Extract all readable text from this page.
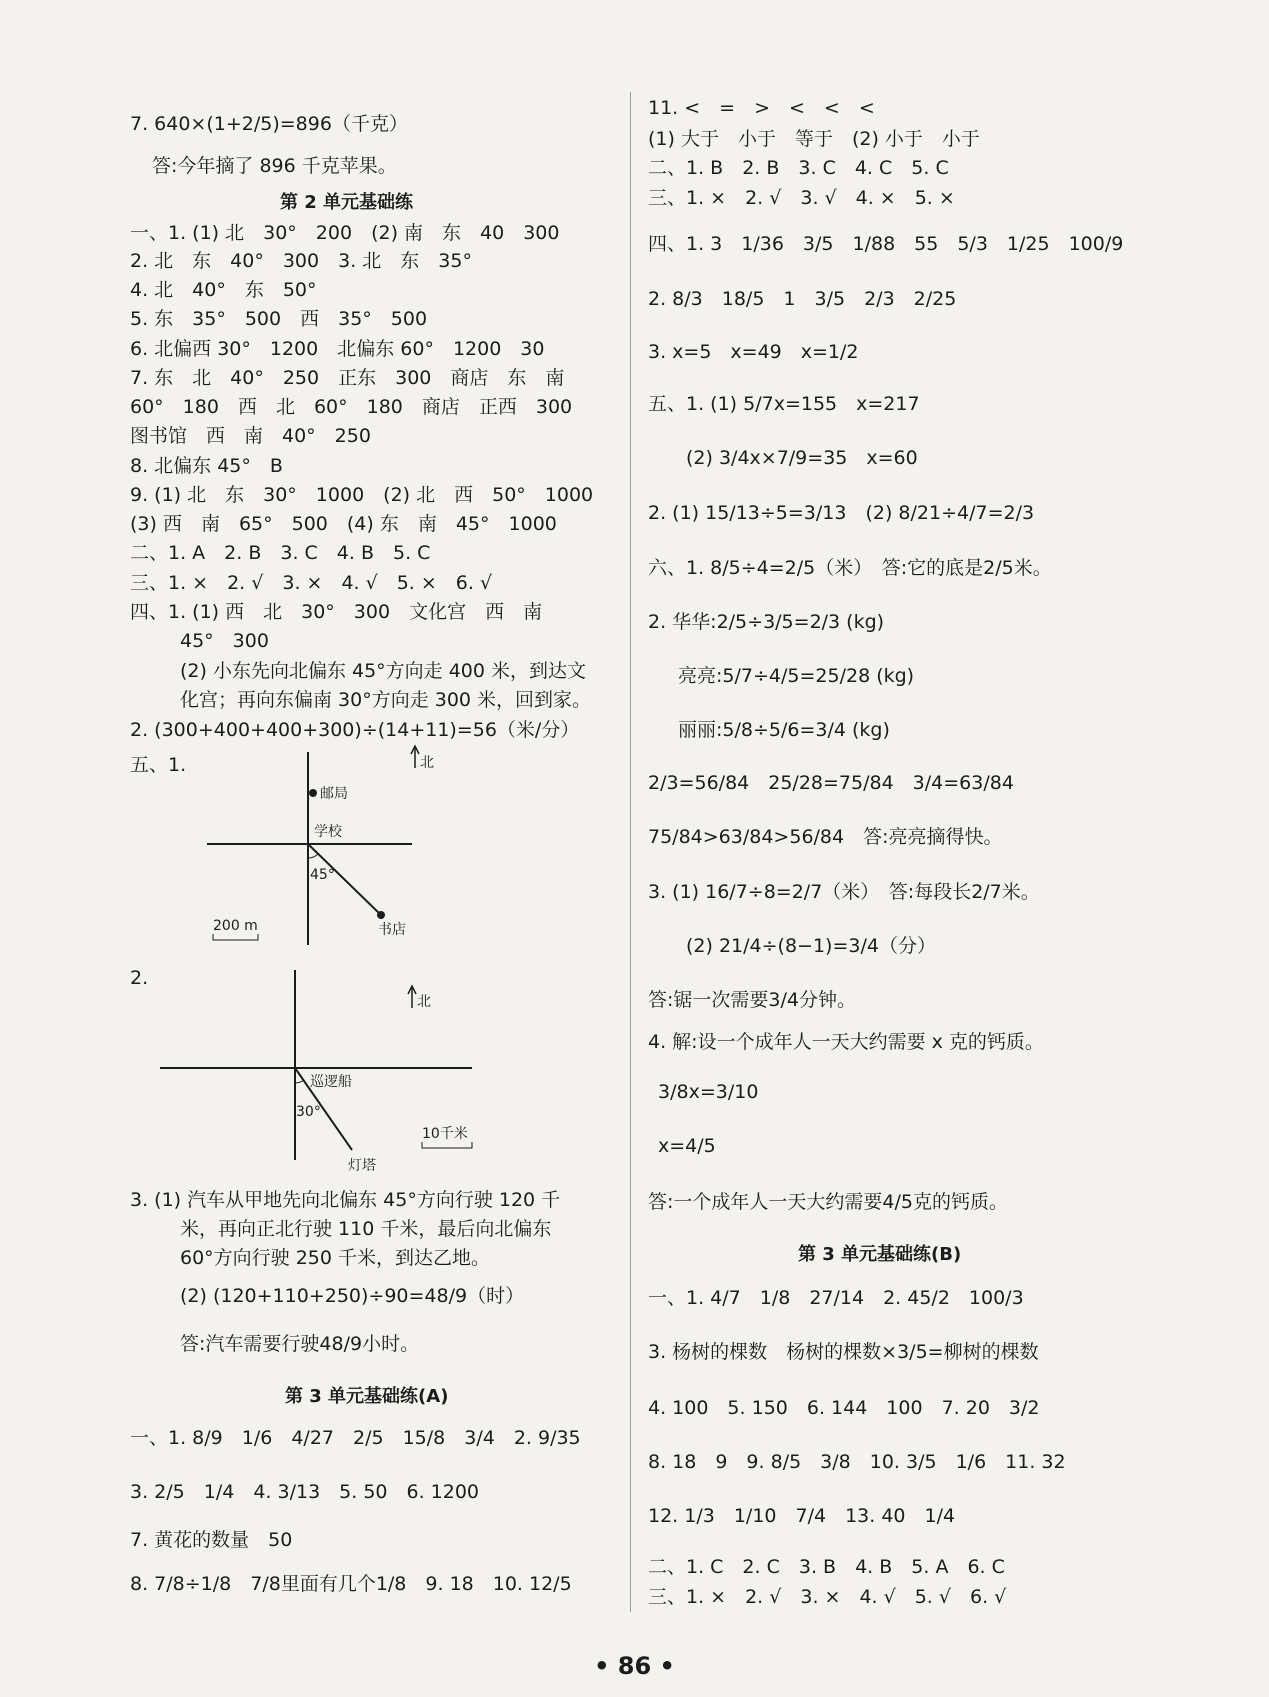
7. 640×(1+2/5)=896（千克）
答:今年摘了 896 千克苹果。
第 2 单元基础练
一、1. (1) 北　30°　200　(2) 南　东　40　300
2. 北　东　40°　300　3. 北　东　35°
4. 北　40°　东　50°
5. 东　35°　500　西　35°　500
6. 北偏西 30°　1200　北偏东 60°　1200　30
7. 东　北　40°　250　正东　300　商店　东　南
60°　180　西　北　60°　180　商店　正西　300
图书馆　西　南　40°　250
8. 北偏东 45°　B
9. (1) 北　东　30°　1000　(2) 北　西　50°　1000
(3) 西　南　65°　500　(4) 东　南　45°　1000
二、1. A　2. B　3. C　4. B　5. C
三、1. ×　2. √　3. ×　4. √　5. ×　6. √
四、1. (1) 西　北　30°　300　文化宫　西　南
45°　300
(2) 小东先向北偏东 45°方向走 400 米，到达文
化宫；再向东偏南 30°方向走 300 米，回到家。
2. (300+400+400+300)÷(14+11)=56（米/分）
五、1.	北
邮局
学校
45°
书店
200 m
2.
北
巡逻船
30°
灯塔
10千米
3. (1) 汽车从甲地先向北偏东 45°方向行驶 120 千
米，再向正北行驶 110 千米，最后向北偏东
60°方向行驶 250 千米，到达乙地。
(2) (120+110+250)÷90=48/9（时）
答:汽车需要行驶48/9小时。
第 3 单元基础练(A)
一、1. 8/9　1/6　4/27　2/5　15/8　3/4　2. 9/35
3. 2/5　1/4　4. 3/13　5. 50　6. 1200
7. 黄花的数量　50
8. 7/8÷1/8　7/8里面有几个1/8　9. 18　10. 12/5
11. <　=　>　<　<　<
(1) 大于　小于　等于　(2) 小于　小于
二、1. B　2. B　3. C　4. C　5. C
三、1. ×　2. √　3. √　4. ×　5. ×
四、1. 3　1/36　3/5　1/88　55　5/3　1/25　100/9
2. 8/3　18/5　1　3/5　2/3　2/25
3. x=5　x=49　x=1/2
五、1. (1) 5/7x=155　x=217
(2) 3/4x×7/9=35　x=60
2. (1) 15/13÷5=3/13　(2) 8/21÷4/7=2/3
六、1. 8/5÷4=2/5（米）　答:它的底是2/5米。
2. 华华:2/5÷3/5=2/3 (kg)
亮亮:5/7÷4/5=25/28 (kg)
丽丽:5/8÷5/6=3/4 (kg)
2/3=56/84　25/28=75/84　3/4=63/84
75/84>63/84>56/84　答:亮亮摘得快。
3. (1) 16/7÷8=2/7（米）　答:每段长2/7米。
(2) 21/4÷(8−1)=3/4（分）
答:锯一次需要3/4分钟。
4. 解:设一个成年人一天大约需要 x 克的钙质。
3/8x=3/10
x=4/5
答:一个成年人一天大约需要4/5克的钙质。
第 3 单元基础练(B)
一、1. 4/7　1/8　27/14　2. 45/2　100/3
3. 杨树的棵数　杨树的棵数×3/5=柳树的棵数
4. 100　5. 150　6. 144　100　7. 20　3/2
8. 18　9　9. 8/5　3/8　10. 3/5　1/6　11. 32
12. 1/3　1/10　7/4　13. 40　1/4
二、1. C　2. C　3. B　4. B　5. A　6. C
三、1. ×　2. √　3. ×　4. √　5. √　6. √
• 86 •
